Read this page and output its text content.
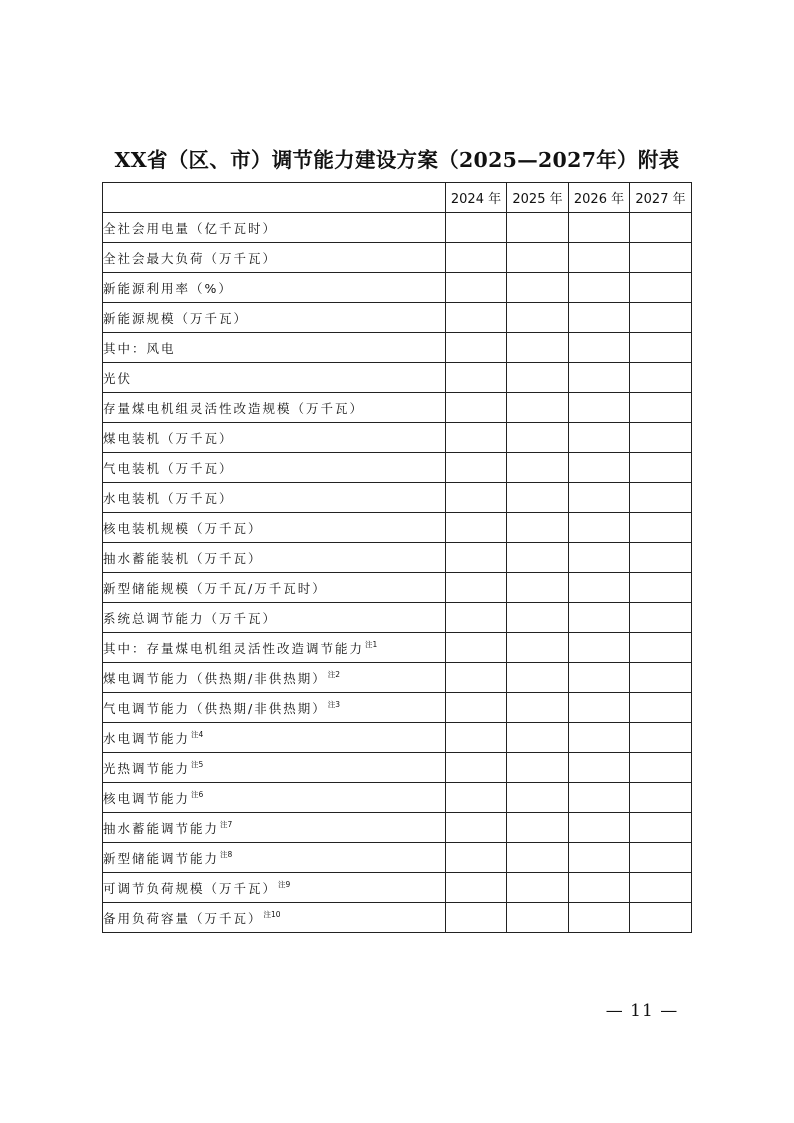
XX省（区、市）调节能力建设方案（2025—2027年）附表
	2024 年	2025 年	2026 年	2027 年
全社会用电量（亿千瓦时）				
全社会最大负荷（万千瓦）				
新能源利用率（%）				
新能源规模（万千瓦）				
其中：风电				
光伏				
存量煤电机组灵活性改造规模（万千瓦）				
煤电装机（万千瓦）				
气电装机（万千瓦）				
水电装机（万千瓦）				
核电装机规模（万千瓦）				
抽水蓄能装机（万千瓦）				
新型储能规模（万千瓦/万千瓦时）				
系统总调节能力（万千瓦）				
其中：存量煤电机组灵活性改造调节能力$^{注1}$				
煤电调节能力（供热期/非供热期）$^{注2}$				
气电调节能力（供热期/非供热期）$^{注3}$				
水电调节能力$^{注4}$				
光热调节能力$^{注5}$				
核电调节能力$^{注6}$				
抽水蓄能调节能力$^{注7}$				
新型储能调节能力$^{注8}$				
可调节负荷规模（万千瓦）$^{注9}$				
备用负荷容量（万千瓦）$^{注10}$				
— 11 —
